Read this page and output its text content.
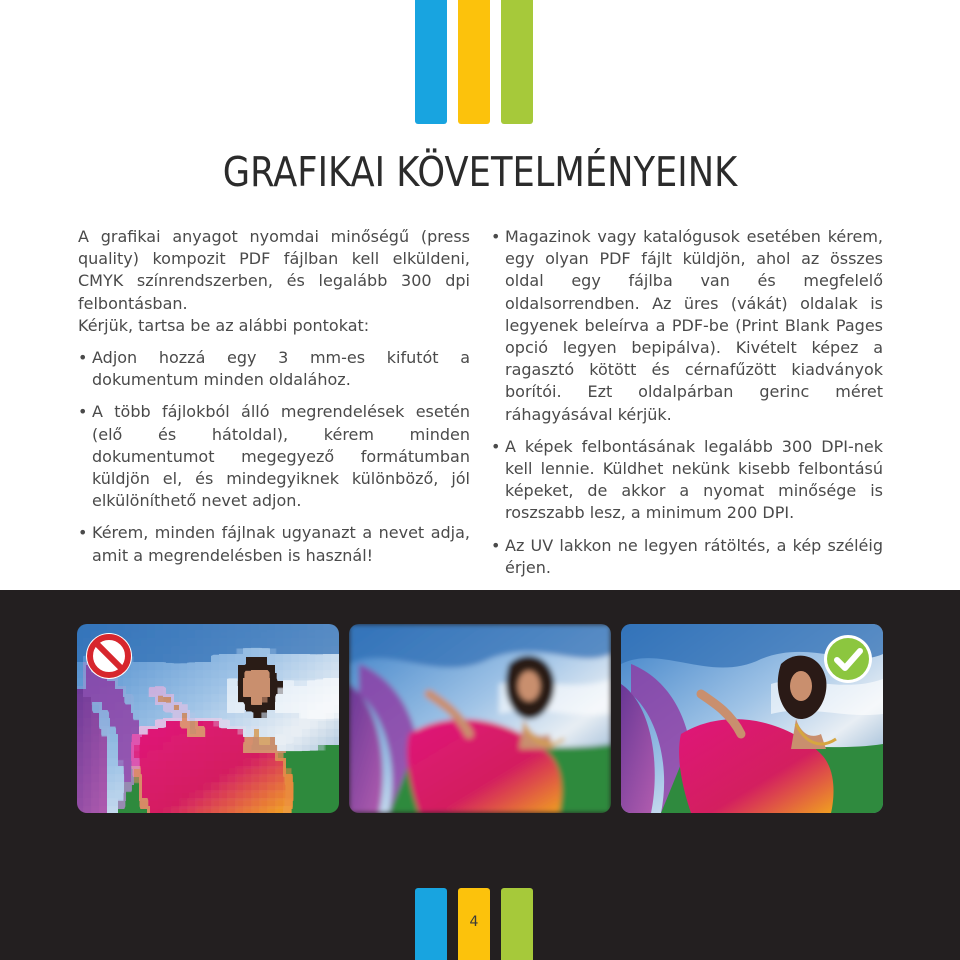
GRAFIKAI KÖVETELMÉNYEINK

A grafikai anyagot nyomdai minőségű (press quality) kompozit PDF fájlban kell elküldeni, CMYK színrendszerben, és legalább 300 dpi felbontásban.

Kérjük, tartsa be az alábbi pontokat:

• Adjon hozzá egy 3 mm-es kifutót a dokumentum minden oldalához.
• A több fájlokból álló megrendelések esetén (elő és hátoldal), kérem minden dokumentumot megegyező formátumban küldjön el, és mindegyiknek különböző, jól elkülöníthető nevet adjon.
• Kérem, minden fájlnak ugyanazt a nevet adja, amit a megrendelésben is használ!
• Magazinok vagy katalógusok esetében kérem, egy olyan PDF fájlt küldjön, ahol az összes oldal egy fájlba van és megfelelő oldalsorrendben. Az üres (vákát) oldalak is legyenek beleírva a PDF-be (Print Blank Pages opció legyen bepipálva). Kivételt képez a ragasztó kötött és cérnafűzött kiadványok borítói. Ezt oldalpárban gerinc méret ráhagyásával kérjük.
• A képek felbontásának legalább 300 DPI-nek kell lennie. Küldhet nekünk kisebb felbontású képeket, de akkor a nyomat minősége is roszszabb lesz, a minimum 200 DPI.
• Az UV lakkon ne legyen rátöltés, a kép széléig érjen.
4
